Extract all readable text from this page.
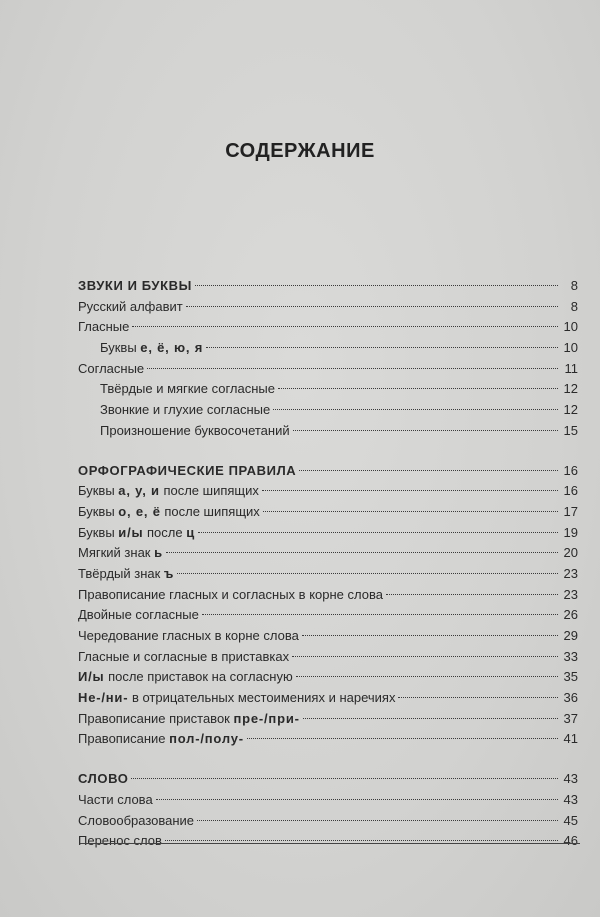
СОДЕРЖАНИЕ
ЗВУКИ И БУКВЫ	8
Русский алфавит	8
Гласные	10
Буквы е, ё, ю, я	10
Согласные	11
Твёрдые и мягкие согласные	12
Звонкие и глухие согласные	12
Произношение буквосочетаний	15
ОРФОГРАФИЧЕСКИЕ ПРАВИЛА	16
Буквы а, у, и после шипящих	16
Буквы о, е, ё после шипящих	17
Буквы и/ы после ц	19
Мягкий знак ь	20
Твёрдый знак ъ	23
Правописание гласных и согласных в корне слова	23
Двойные согласные	26
Чередование гласных в корне слова	29
Гласные и согласные в приставках	33
И/ы после приставок на согласную	35
Не-/ни- в отрицательных местоимениях и наречиях	36
Правописание приставок пре-/при-	37
Правописание пол-/полу-	41
СЛОВО	43
Части слова	43
Словообразование	45
Перенос слов	46
